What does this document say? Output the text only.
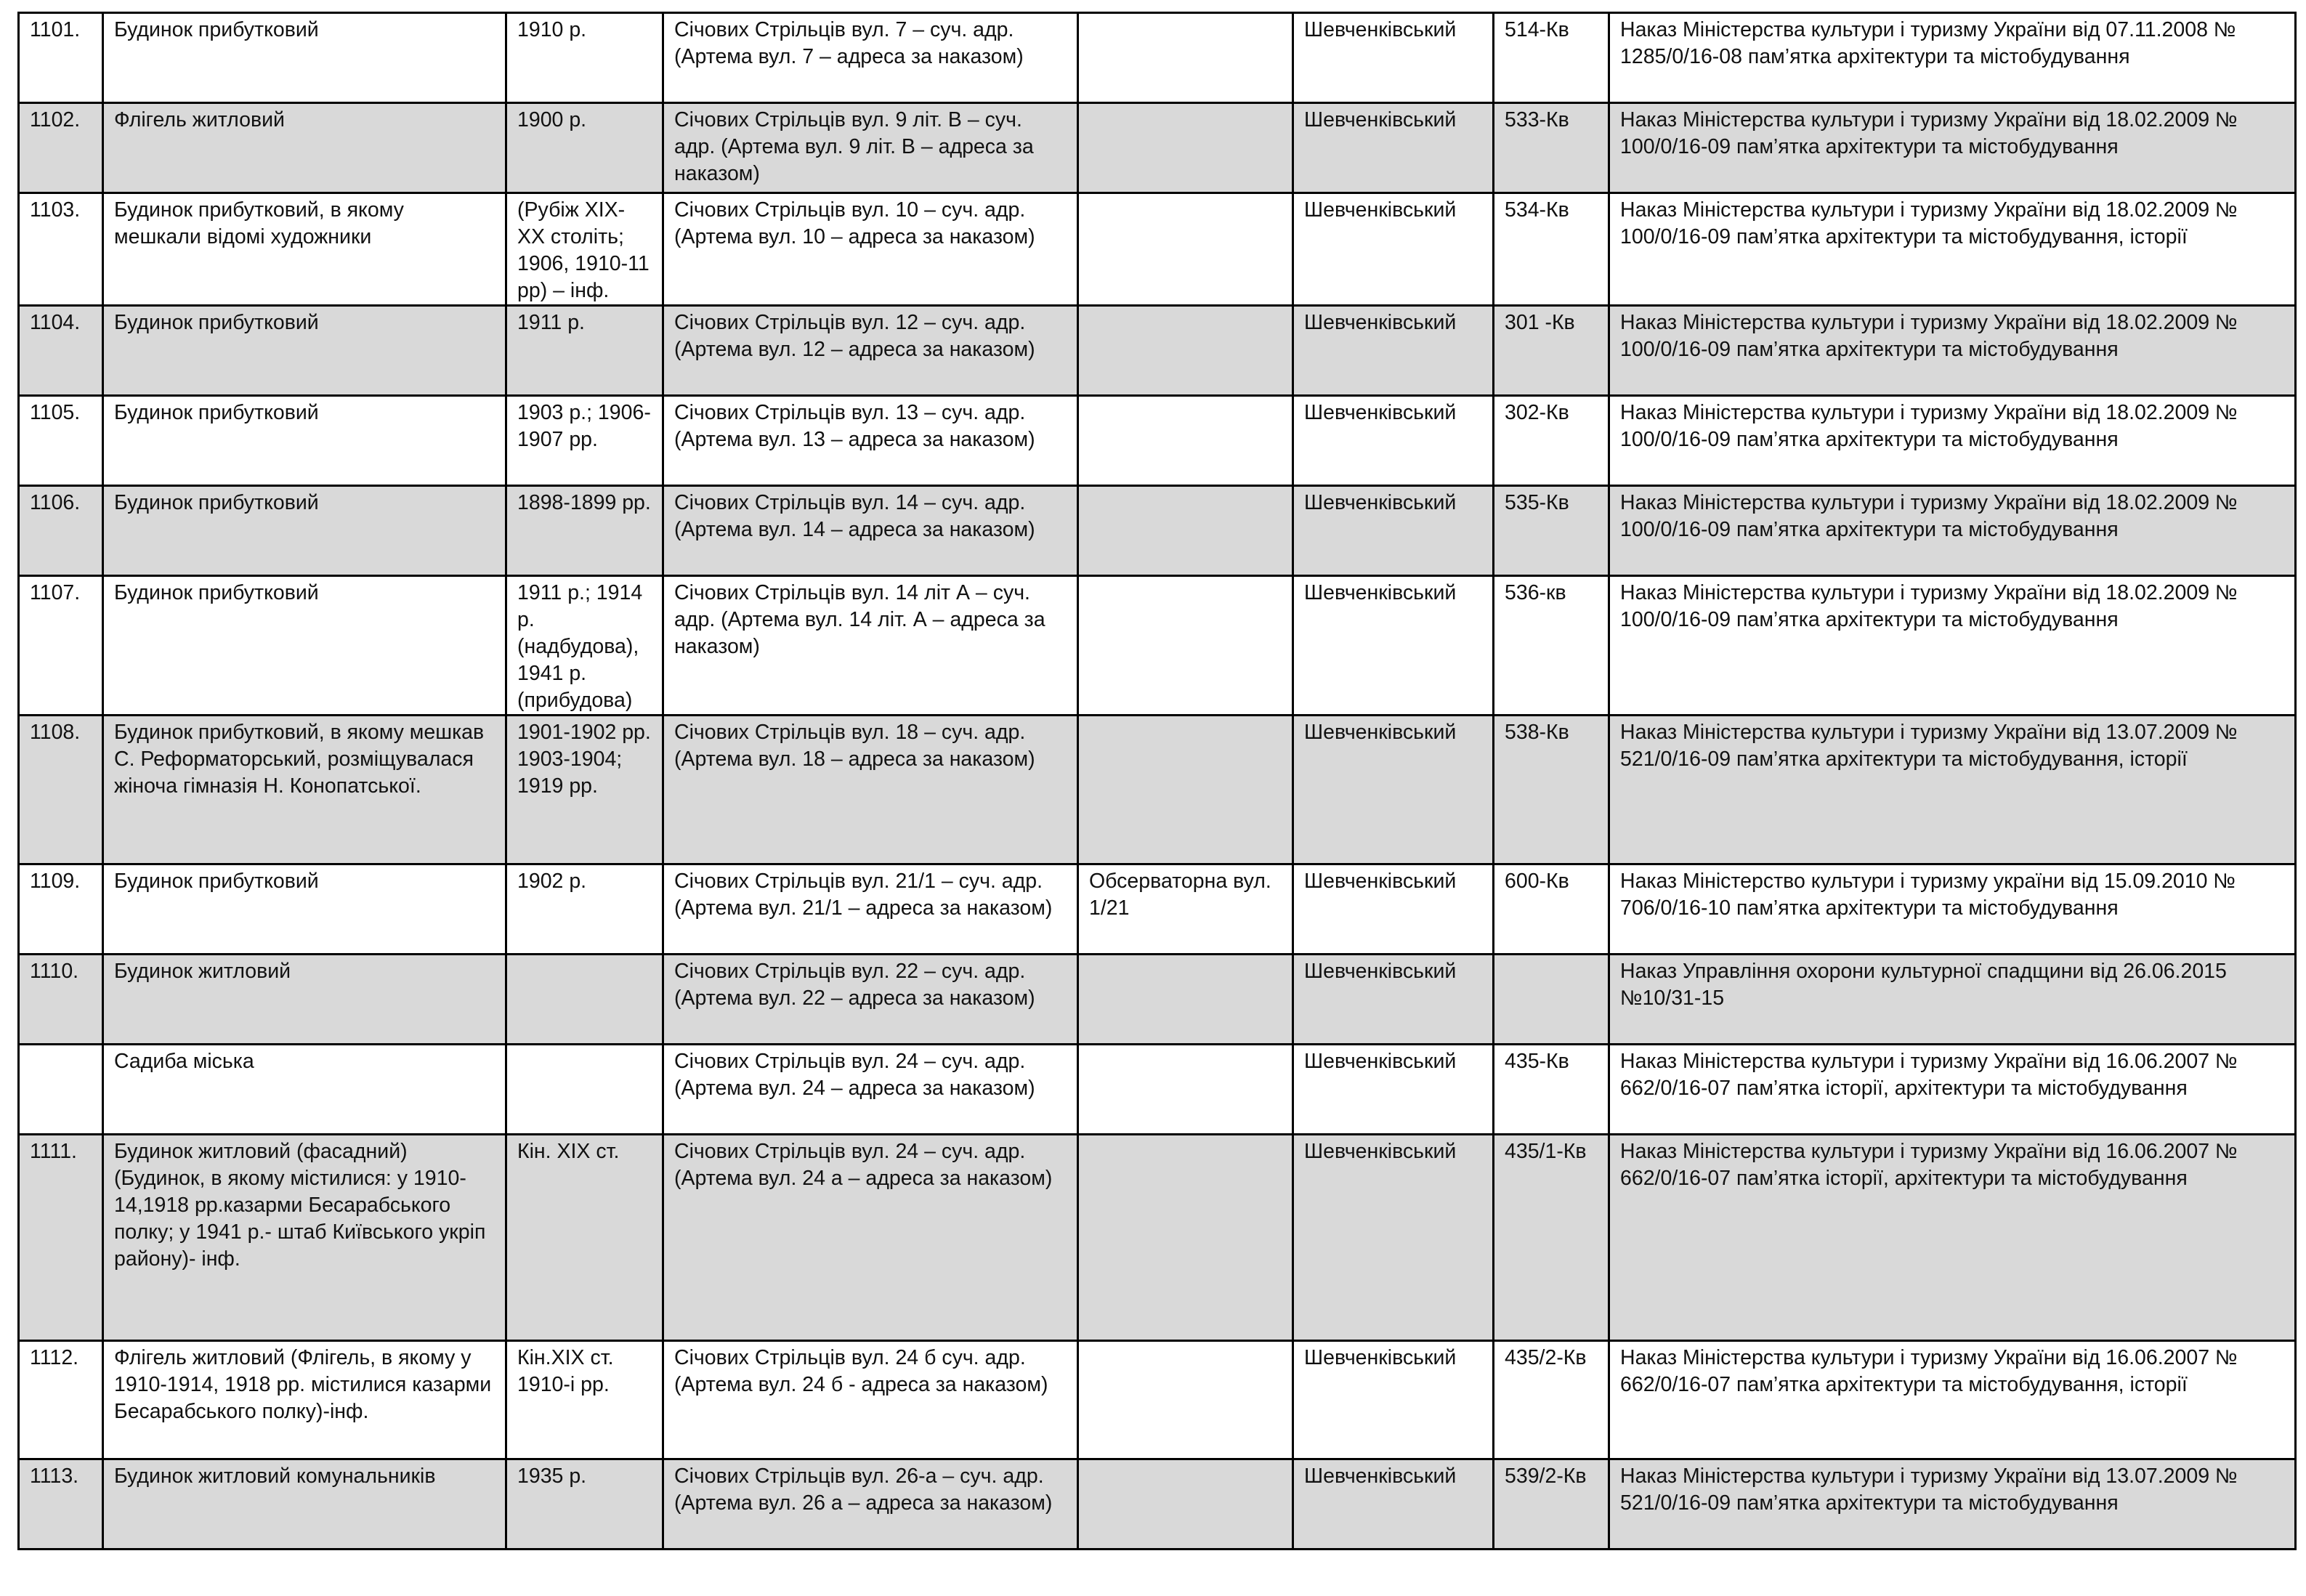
1101.	Будинок прибутковий	1910 р.	Січових Стрільців вул. 7 – суч. адр. (Артема вул. 7 – адреса за наказом)		Шевченківський	514-Кв	Наказ Міністерства культури і туризму України від 07.11.2008 № 1285/0/16-08 пам’ятка архітектури та містобудування
1102.	Флігель житловий	1900 р.	Січових Стрільців вул. 9 літ. В – суч. адр. (Артема вул. 9 літ. В – адреса за наказом)		Шевченківський	533-Кв	Наказ Міністерства культури і туризму України від 18.02.2009 № 100/0/16-09 пам’ятка архітектури та містобудування
1103.	Будинок прибутковий, в якому мешкали відомі художники	(Рубіж XIX- XX століть; 1906, 1910-11 рр) – інф.	Січових Стрільців вул. 10 – суч. адр. (Артема вул. 10 – адреса за наказом)		Шевченківський	534-Кв	Наказ Міністерства культури і туризму України від 18.02.2009 № 100/0/16-09 пам’ятка архітектури та містобудування, історії
1104.	Будинок прибутковий	1911 р.	Січових Стрільців вул. 12 – суч. адр. (Артема вул. 12 – адреса за наказом)		Шевченківський	301 -Кв	Наказ Міністерства культури і туризму України від 18.02.2009 № 100/0/16-09 пам’ятка архітектури та містобудування
1105.	Будинок прибутковий	1903 р.; 1906-1907 рр.	Січових Стрільців вул. 13 – суч. адр. (Артема вул. 13 – адреса за наказом)		Шевченківський	302-Кв	Наказ Міністерства культури і туризму України від 18.02.2009 № 100/0/16-09 пам’ятка архітектури та містобудування
1106.	Будинок прибутковий	1898-1899 рр.	Січових Стрільців вул. 14 – суч. адр. (Артема вул. 14 – адреса за наказом)		Шевченківський	535-Кв	Наказ Міністерства культури і туризму України від 18.02.2009 № 100/0/16-09 пам’ятка архітектури та містобудування
1107.	Будинок прибутковий	1911 р.; 1914 р. (надбудова), 1941 р. (прибудова)	Січових Стрільців вул. 14 літ А – суч. адр. (Артема вул. 14 літ. А – адреса за наказом)		Шевченківський	536-кв	Наказ Міністерства культури і туризму України від 18.02.2009 № 100/0/16-09 пам’ятка архітектури та містобудування
1108.	Будинок прибутковий, в якому мешкав С. Реформаторський, розміщувалася жіноча гімназія Н. Конопатської.	1901-1902 рр. 1903-1904; 1919 рр.	Січових Стрільців вул. 18 – суч. адр. (Артема вул. 18 – адреса за наказом)		Шевченківський	538-Кв	Наказ Міністерства культури і туризму України від 13.07.2009 № 521/0/16-09 пам’ятка архітектури та містобудування, історії
1109.	Будинок прибутковий	1902 р.	Січових Стрільців вул. 21/1 – суч. адр. (Артема вул. 21/1 – адреса за наказом)	Обсерваторна вул. 1/21	Шевченківський	600-Кв	Наказ Міністерство культури і туризму україни від 15.09.2010 № 706/0/16-10 пам’ятка архітектури та містобудування
1110.	Будинок житловий		Січових Стрільців вул. 22 – суч. адр. (Артема вул. 22 – адреса за наказом)		Шевченківський		Наказ Управління охорони культурної спадщини від 26.06.2015 №10/31-15
	Садиба міська		Січових Стрільців вул. 24 – суч. адр. (Артема вул. 24 – адреса за наказом)		Шевченківський	435-Кв	Наказ Міністерства культури і туризму України від 16.06.2007 № 662/0/16-07 пам’ятка історії, архітектури та містобудування
1111.	Будинок житловий (фасадний) (Будинок, в якому містилися: у 1910-14,1918 рр.казарми Бесарабського полку; у 1941 р.- штаб Київського укріп району)- інф.	Кін. XIX ст.	Січових Стрільців вул. 24 – суч. адр. (Артема вул. 24 а – адреса за наказом)		Шевченківський	435/1-Кв	Наказ Міністерства культури і туризму України від 16.06.2007 № 662/0/16-07 пам’ятка історії, архітектури та містобудування
1112.	Флігель житловий (Флігель, в якому у 1910-1914, 1918 рр. містилися казарми Бесарабського полку)-інф.	Кін.XIX ст. 1910-і рр.	Січових Стрільців вул. 24 б суч. адр. (Артема вул. 24 б - адреса за наказом)		Шевченківський	435/2-Кв	Наказ Міністерства культури і туризму України від 16.06.2007 № 662/0/16-07 пам’ятка архітектури та містобудування, історії
1113.	Будинок житловий комунальників	1935 р.	Січових Стрільців вул. 26-а – суч. адр. (Артема вул. 26 а – адреса за наказом)		Шевченківський	539/2-Кв	Наказ Міністерства культури і туризму України від 13.07.2009 № 521/0/16-09 пам’ятка архітектури та містобудування
